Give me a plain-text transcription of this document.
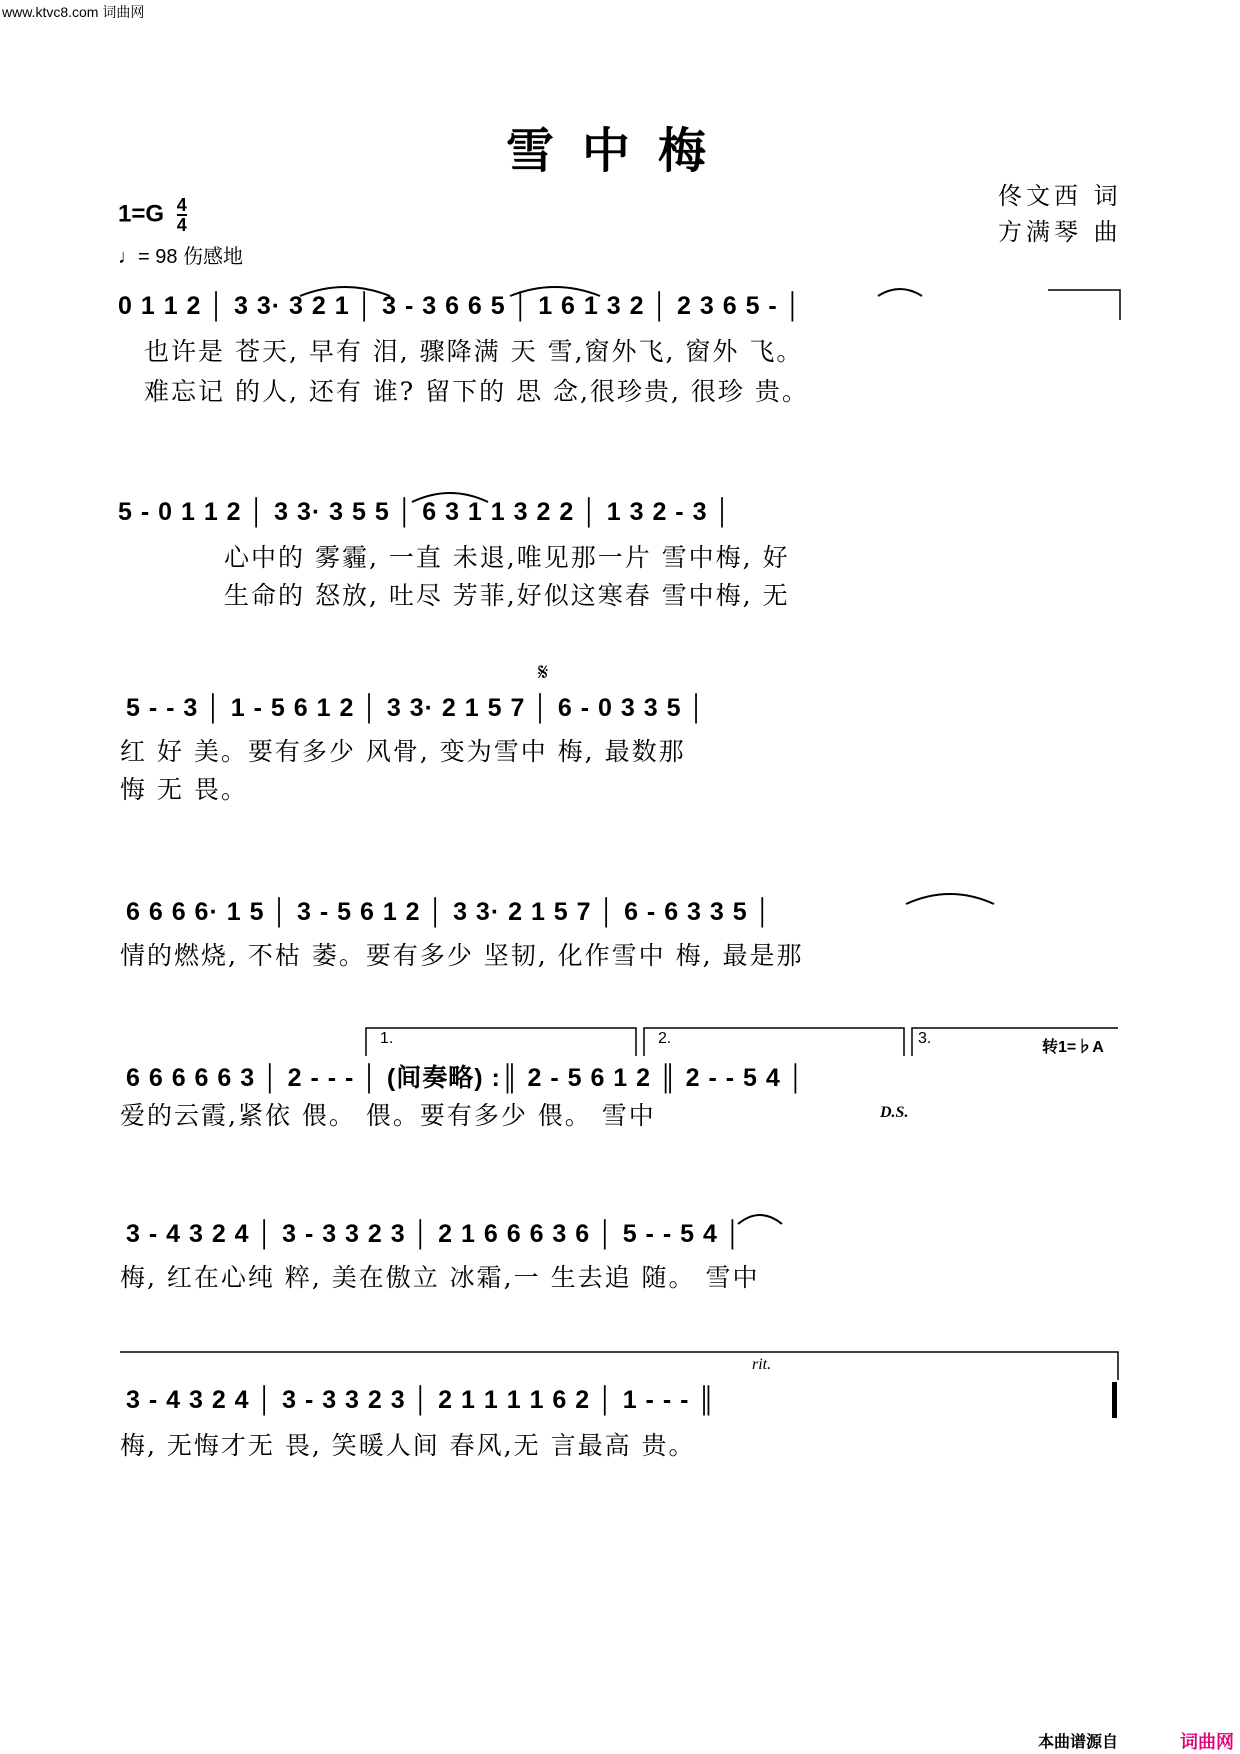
www.ktvc8.com 词曲网
雪中梅
$1=G \frac{4}{4}$
♩= 98 伤感地
佟文西 词
方满琴 曲
0 1 1 2 │ 3 3· 3 2 1 │ 3 - 3 6 6 5 │ 1 6 1 3 2 │ 2 3 6 5 - │
也许是 苍天, 早有 泪, 骤降满 天 雪,窗外飞, 窗外 飞。
难忘记 的人, 还有 谁? 留下的 思 念,很珍贵, 很珍 贵。
5 - 0 1 1 2 │ 3 3· 3 5 5 │ 6 3 1 1 3 2 2 │ 1 3 2 - 3 │
心中的 雾霾, 一直 未退,唯见那一片 雪中梅, 好
生命的 怒放, 吐尽 芳菲,好似这寒春 雪中梅, 无
𝄋
5 - - 3 │ 1 - 5 6 1 2 │ 3 3· 2 1 5 7 │ 6 - 0 3 3 5 │
红 好 美。要有多少 风骨, 变为雪中 梅, 最数那
悔 无 畏。
6 6 6 6· 1 5 │ 3 - 5 6 1 2 │ 3 3· 2 1 5 7 │ 6 - 6 3 3 5 │
情的燃烧, 不枯 萎。要有多少 坚韧, 化作雪中 梅, 最是那
1.	2.	3.
转1=♭A
6 6 6 6 6 3 │ 2 - - - │ (间奏略) :║ 2 - 5 6 1 2 ║ 2 - - 5 4 │
爱的云霞,紧依 偎。 偎。要有多少 偎。 雪中	D.S.
3 - 4 3 2 4 │ 3 - 3 3 2 3 │ 2 1 6 6 6 3 6 │ 5 - - 5 4 │
梅, 红在心纯 粹, 美在傲立 冰霜,一 生去追 随。 雪中
rit.
3 - 4 3 2 4 │ 3 - 3 3 2 3 │ 2 1 1 1 1 6 2 │ 1 - - - ║
梅, 无悔才无 畏, 笑暖人间 春风,无 言最高 贵。
本曲谱源自	词曲网
